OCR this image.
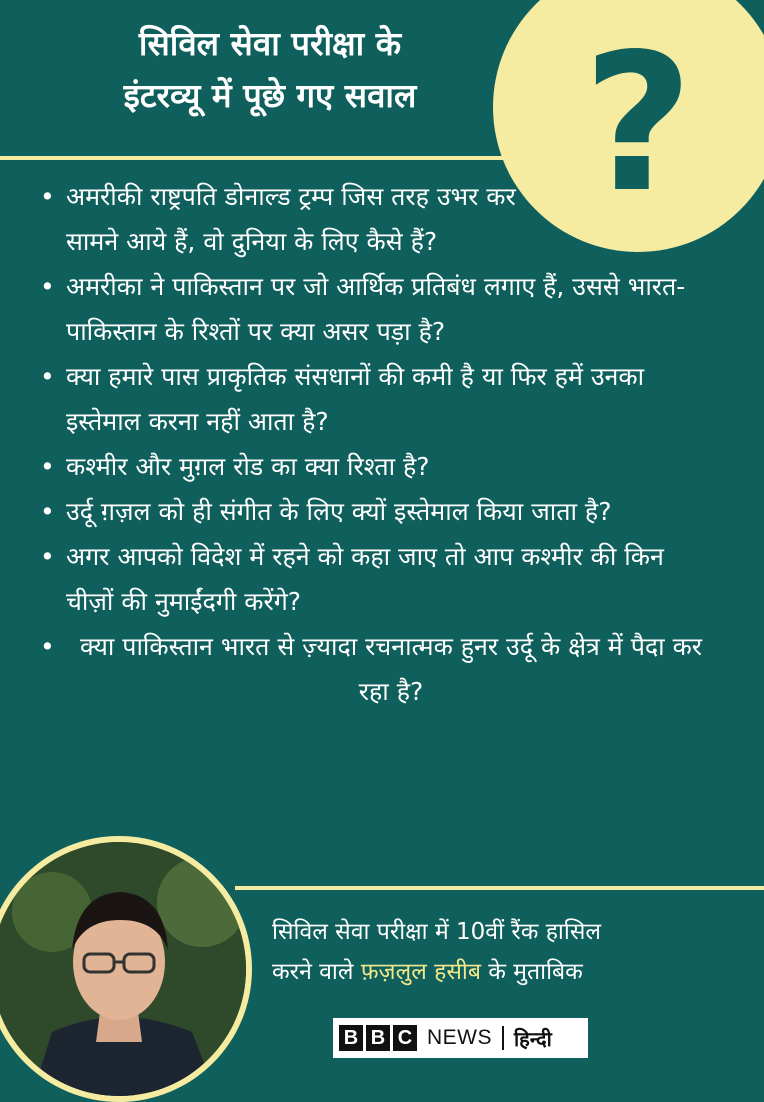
सिविल सेवा परीक्षा के
इंटरव्यू में पूछे गए सवाल ?
• अमरीकी राष्ट्रपति डोनाल्ड ट्रम्प जिस तरह उभर कर सामने आये हैं, वो दुनिया के लिए कैसे हैं?
• अमरीका ने पाकिस्तान पर जो आर्थिक प्रतिबंध लगाए हैं, उससे भारत-पाकिस्तान के रिश्तों पर क्या असर पड़ा है?
• क्या हमारे पास प्राकृतिक संसधानों की कमी है या फिर हमें उनका इस्तेमाल करना नहीं आता है?
• कश्मीर और मुग़ल रोड का क्या रिश्ता है?
• उर्दू ग़ज़ल को ही संगीत के लिए क्यों इस्तेमाल किया जाता है?
• अगर आपको विदेश में रहने को कहा जाए तो आप कश्मीर की किन चीज़ों की नुमाईंदगी करेंगे?
•	क्या पाकिस्तान भारत से ज़्यादा रचनात्मक हुनर उर्दू के क्षेत्र में पैदा कर रहा है?
सिविल सेवा परीक्षा में 10वीं रैंक हासिल
करने वाले फ़ज़लुल हसीब के मुताबिक
B B C NEWS हिन्दी
